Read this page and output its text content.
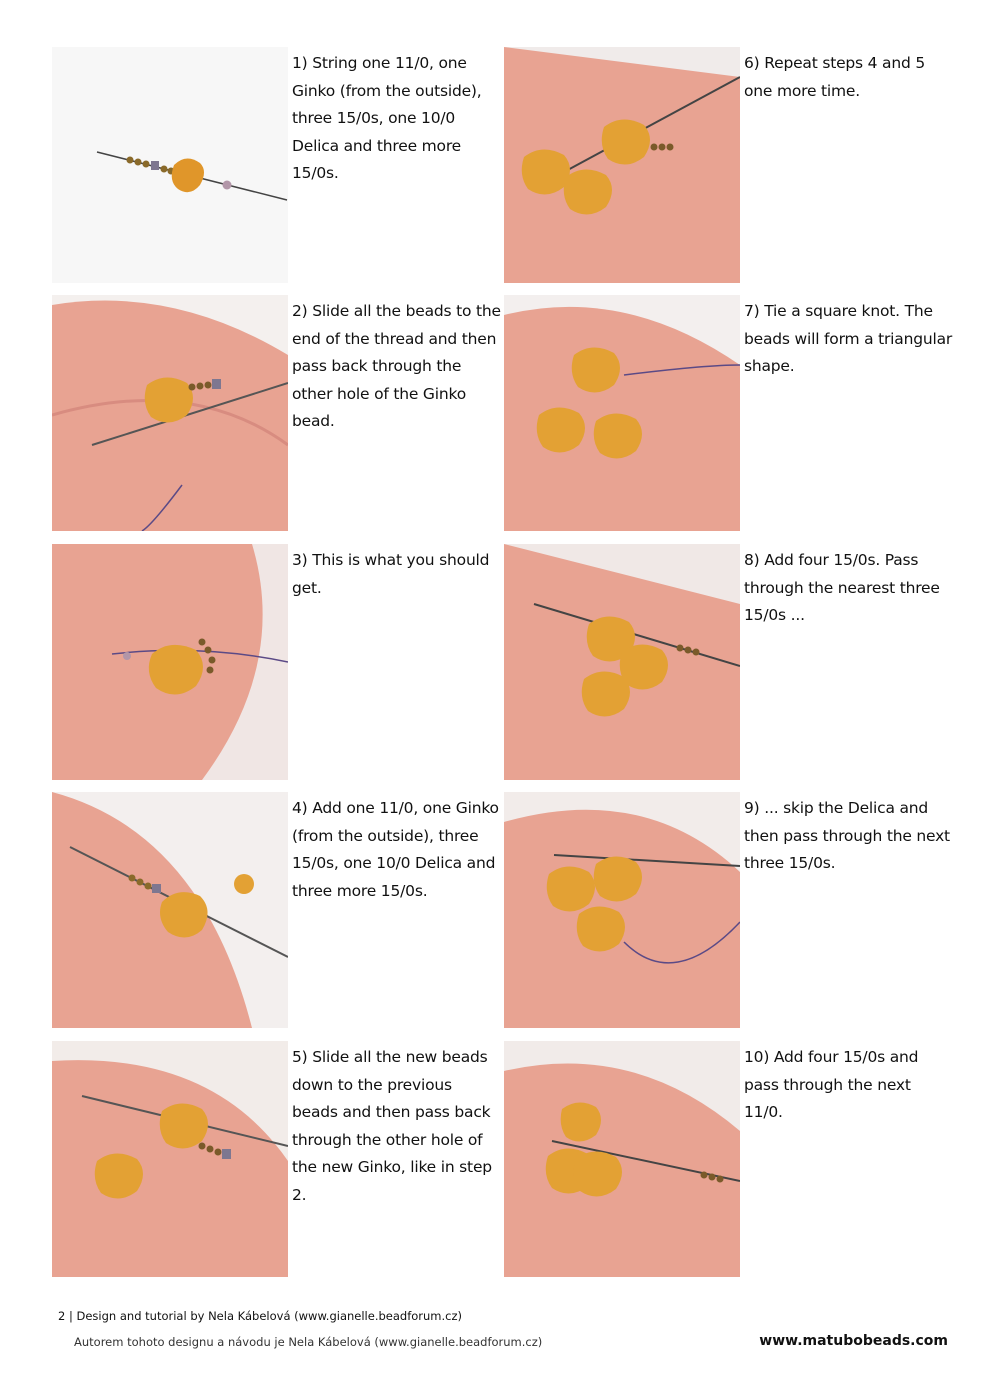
1) String one 11/0, one Ginko (from the outside), three 15/0s, one 10/0 Delica and three more 15/0s.
2) Slide all the beads to the end of the thread and then pass back through the other hole of the Ginko bead.
3) This is what you should get.
4) Add one 11/0, one Ginko (from the outside), three 15/0s, one 10/0 Delica and three more 15/0s.
5) Slide all the new beads down to the previous beads and then pass back through the other hole of the new Ginko, like in step 2.
6) Repeat steps 4 and 5 one more time.
7) Tie a square knot. The beads will form a triangular shape.
8) Add four 15/0s. Pass through the nearest three 15/0s ...
9) ... skip the Delica and then pass through the next three 15/0s.
10) Add four 15/0s and pass through the next 11/0.
2 | Design and tutorial by Nela Kábelová (www.gianelle.beadforum.cz)
Autorem tohoto designu a návodu je Nela Kábelová (www.gianelle.beadforum.cz)	www.matubobeads.com
